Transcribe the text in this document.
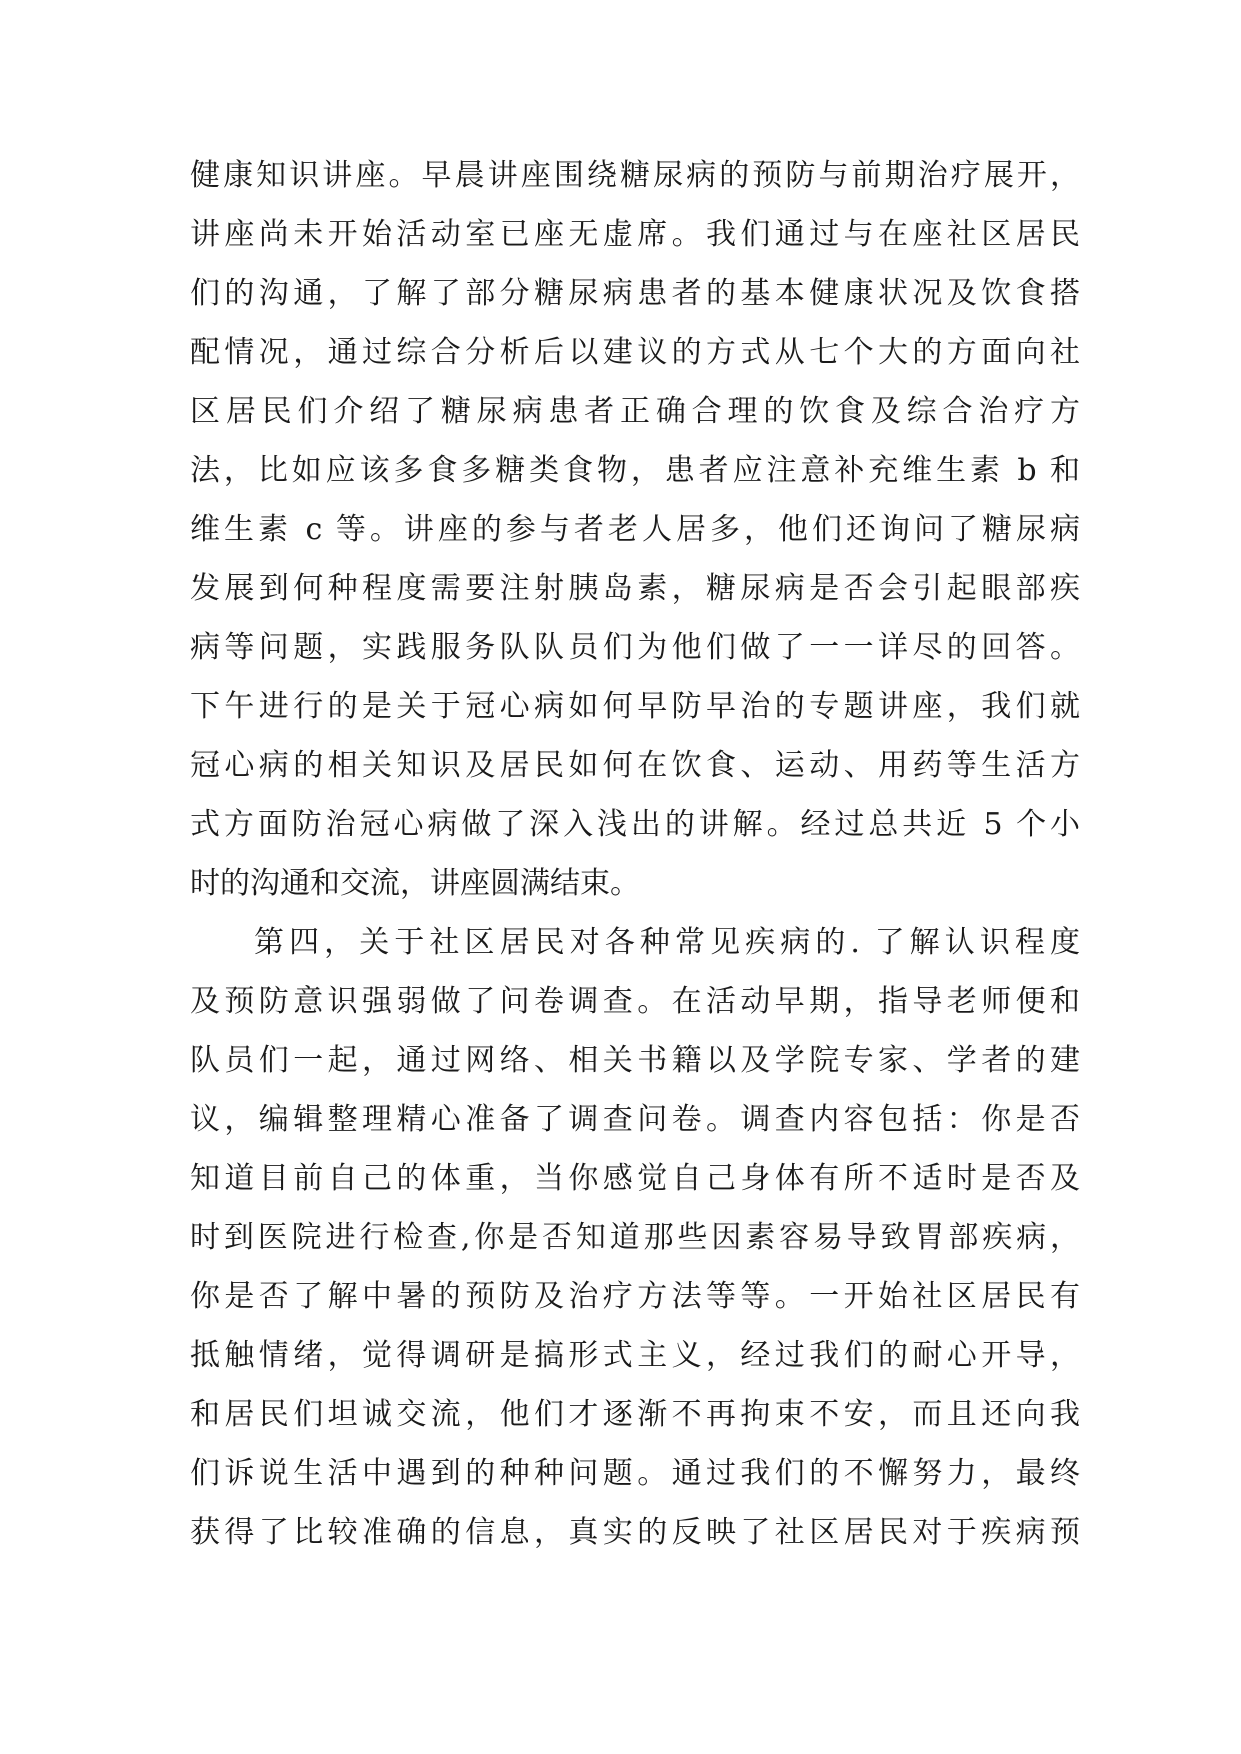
健康知识讲座。早晨讲座围绕糖尿病的预防与前期治疗展开，
讲座尚未开始活动室已座无虚席。我们通过与在座社区居民
们的沟通，了解了部分糖尿病患者的基本健康状况及饮食搭
配情况，通过综合分析后以建议的方式从七个大的方面向社
区居民们介绍了糖尿病患者正确合理的饮食及综合治疗方
法，比如应该多食多糖类食物，患者应注意补充维生素 b 和
维生素 c 等。讲座的参与者老人居多，他们还询问了糖尿病
发展到何种程度需要注射胰岛素，糖尿病是否会引起眼部疾
病等问题，实践服务队队员们为他们做了一一详尽的回答。
下午进行的是关于冠心病如何早防早治的专题讲座，我们就
冠心病的相关知识及居民如何在饮食、运动、用药等生活方
式方面防治冠心病做了深入浅出的讲解。经过总共近 5 个小
时的沟通和交流，讲座圆满结束。
第四，关于社区居民对各种常见疾病的. 了解认识程度
及预防意识强弱做了问卷调查。在活动早期，指导老师便和
队员们一起，通过网络、相关书籍以及学院专家、学者的建
议，编辑整理精心准备了调查问卷。调查内容包括：你是否
知道目前自己的体重，当你感觉自己身体有所不适时是否及
时到医院进行检查,你是否知道那些因素容易导致胃部疾病，
你是否了解中暑的预防及治疗方法等等。一开始社区居民有
抵触情绪，觉得调研是搞形式主义，经过我们的耐心开导，
和居民们坦诚交流，他们才逐渐不再拘束不安，而且还向我
们诉说生活中遇到的种种问题。通过我们的不懈努力，最终
获得了比较准确的信息，真实的反映了社区居民对于疾病预
